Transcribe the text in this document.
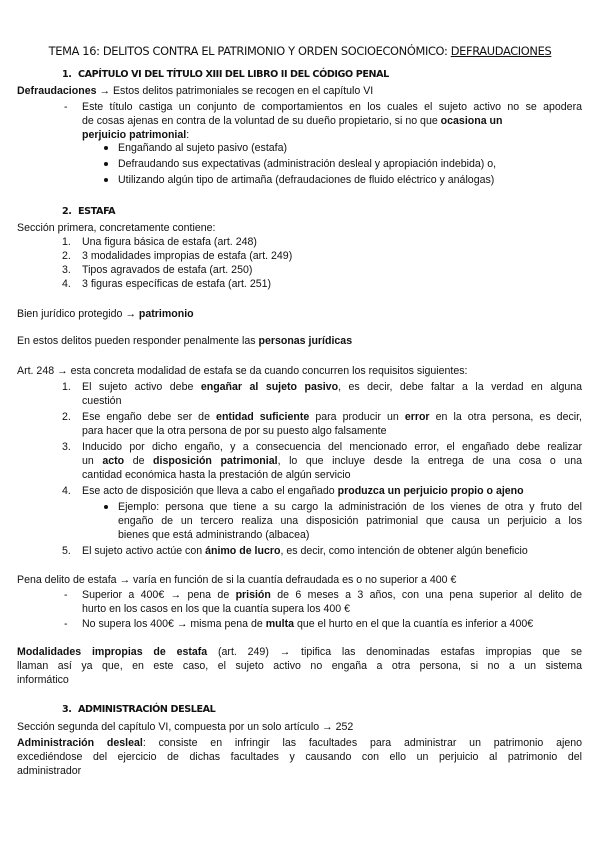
TEMA 16: DELITOS CONTRA EL PATRIMONIO Y ORDEN SOCIOECONÓMICO: DEFRAUDACIONES
1. CAPÍTULO VI DEL TÍTULO XIII DEL LIBRO II DEL CÓDIGO PENAL
Defraudaciones → Estos delitos patrimoniales se recogen en el capítulo VI
- Este título castiga un conjunto de comportamientos en los cuales el sujeto activo no se apodera
de cosas ajenas en contra de la voluntad de su dueño propietario, si no que ocasiona un
perjuicio patrimonial:
Engañando al sujeto pasivo (estafa)
Defraudando sus expectativas (administración desleal y apropiación indebida) o,
Utilizando algún tipo de artimaña (defraudaciones de fluido eléctrico y análogas)
2. ESTAFA
Sección primera, concretamente contiene:
1. Una figura básica de estafa (art. 248)
2. 3 modalidades impropias de estafa (art. 249)
3. Tipos agravados de estafa (art. 250)
4. 3 figuras específicas de estafa (art. 251)
Bien jurídico protegido → patrimonio
En estos delitos pueden responder penalmente las personas jurídicas
Art. 248 → esta concreta modalidad de estafa se da cuando concurren los requisitos siguientes:
1. El sujeto activo debe engañar al sujeto pasivo, es decir, debe faltar a la verdad en alguna
cuestión
2. Ese engaño debe ser de entidad suficiente para producir un error en la otra persona, es decir,
para hacer que la otra persona de por su puesto algo falsamente
3. Inducido por dicho engaño, y a consecuencia del mencionado error, el engañado debe realizar
un acto de disposición patrimonial, lo que incluye desde la entrega de una cosa o una
cantidad económica hasta la prestación de algún servicio
4. Ese acto de disposición que lleva a cabo el engañado produzca un perjuicio propio o ajeno
Ejemplo: persona que tiene a su cargo la administración de los vienes de otra y fruto del
engaño de un tercero realiza una disposición patrimonial que causa un perjuicio a los
bienes que está administrando (albacea)
5. El sujeto activo actúe con ánimo de lucro, es decir, como intención de obtener algún beneficio
Pena delito de estafa → varía en función de si la cuantía defraudada es o no superior a 400 €
- Superior a 400€ → pena de prisión de 6 meses a 3 años, con una pena superior al delito de
hurto en los casos en los que la cuantía supera los 400 €
- No supera los 400€ → misma pena de multa que el hurto en el que la cuantía es inferior a 400€
Modalidades impropias de estafa (art. 249) → tipifica las denominadas estafas impropias que se
llaman así ya que, en este caso, el sujeto activo no engaña a otra persona, si no a un sistema
informático
3. ADMINISTRACIÓN DESLEAL
Sección segunda del capítulo VI, compuesta por un solo artículo → 252
Administración desleal: consiste en infringir las facultades para administrar un patrimonio ajeno
excediéndose del ejercicio de dichas facultades y causando con ello un perjuicio al patrimonio del
administrador
